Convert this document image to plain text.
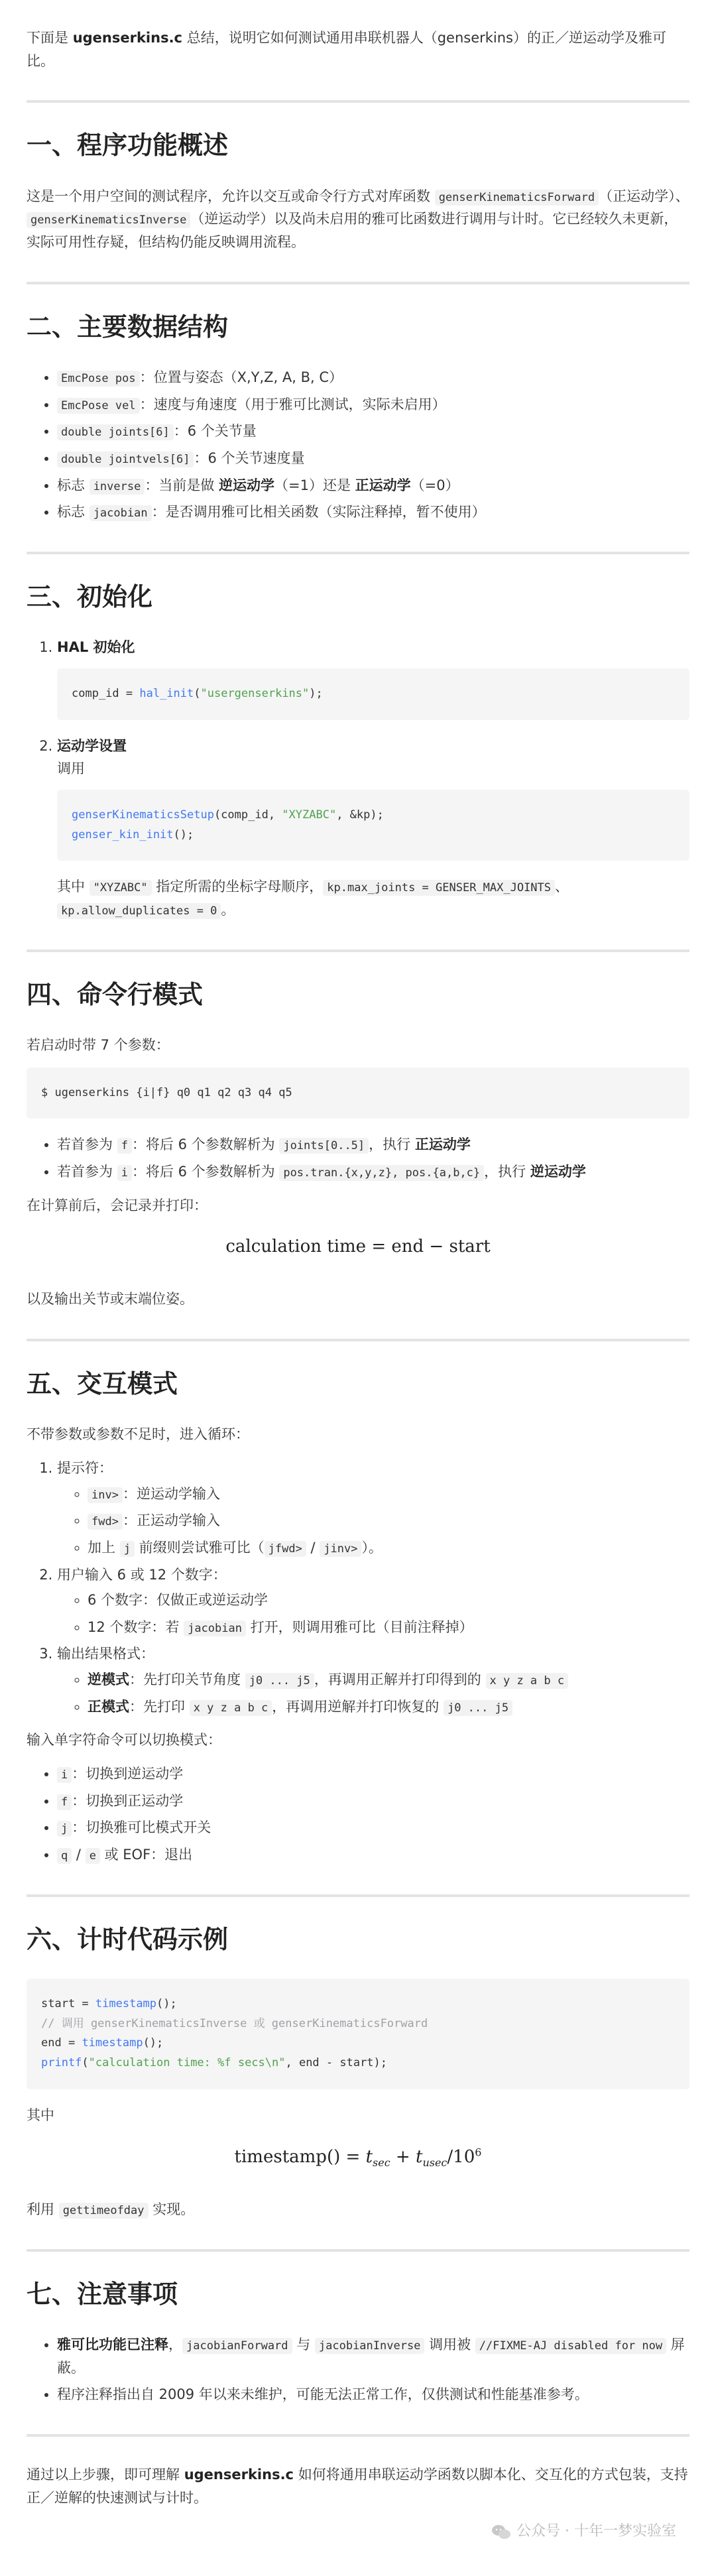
下面是 ugenserkins.c 总结，说明它如何测试通用串联机器人（genserkins）的正／逆运动学及雅可比。

一、程序功能概述

这是一个用户空间的测试程序，允许以交互或命令行方式对库函数 genserKinematicsForward （正运动学）、genserKinematicsInverse （逆运动学）以及尚未启用的雅可比函数进行调用与计时。它已经较久未更新，实际可用性存疑，但结构仍能反映调用流程。

二、主要数据结构
• EmcPose pos ：位置与姿态（X,Y,Z, A, B, C）
• EmcPose vel ：速度与角速度（用于雅可比测试，实际未启用）
• double joints[6] ：6 个关节量
• double jointvels[6] ：6 个关节速度量
• 标志 inverse ：当前是做 逆运动学（=1）还是 正运动学（=0）
• 标志 jacobian ：是否调用雅可比相关函数（实际注释掉，暂不使用）
三、初始化
1. HAL 初始化
comp_id = hal_init("usergenserkins");
2. 运动学设置
调用
genserKinematicsSetup(comp_id, "XYZABC", &kp);
genser_kin_init();

其中 "XYZABC" 指定所需的坐标字母顺序， kp.max_joints = GENSER_MAX_JOINTS 、kp.allow_duplicates = 0 。

四、命令行模式

若启动时带 7 个参数：

$ ugenserkins {i|f} q0 q1 q2 q3 q4 q5
• 若首参为 f ：将后 6 个参数解析为 joints[0..5] ，执行 正运动学
• 若首参为 i ：将后 6 个参数解析为 pos.tran.{x,y,z}, pos.{a,b,c} ，执行 逆运动学

在计算前后，会记录并打印：

calculation time = end − start

以及输出关节或末端位姿。

五、交互模式

不带参数或参数不足时，进入循环：

1. 提示符：
◦ inv> ：逆运动学输入
◦ fwd> ：正运动学输入
◦ 加上 j 前缀则尝试雅可比（ jfwd> / jinv> ）。
2. 用户输入 6 或 12 个数字：
◦ 6 个数字：仅做正或逆运动学
◦ 12 个数字：若 jacobian 打开，则调用雅可比（目前注释掉）
3. 输出结果格式：
◦ 逆模式：先打印关节角度 j0 ... j5 ，再调用正解并打印得到的 x y z a b c
◦ 正模式：先打印 x y z a b c ，再调用逆解并打印恢复的 j0 ... j5

输入单字符命令可以切换模式：

• i ：切换到逆运动学
• f ：切换到正运动学
• j ：切换雅可比模式开关
• q / e 或 EOF：退出
六、计时代码示例
start = timestamp();
// 调用 genserKinematicsInverse 或 genserKinematicsForward
end = timestamp();
printf("calculation time: %f secs\n", end - start);

其中

timestamp() = $t_{sec} + t_{usec}/10^6$

利用 gettimeofday 实现。

七、注意事项
• 雅可比功能已注释， jacobianForward 与 jacobianInverse 调用被 //FIXME-AJ disabled for now 屏蔽。
• 程序注释指出自 2009 年以来未维护，可能无法正常工作，仅供测试和性能基准参考。

通过以上步骤，即可理解 ugenserkins.c 如何将通用串联运动学函数以脚本化、交互化的方式包装，支持正／逆解的快速测试与计时。

公众号 · 十年一梦实验室
